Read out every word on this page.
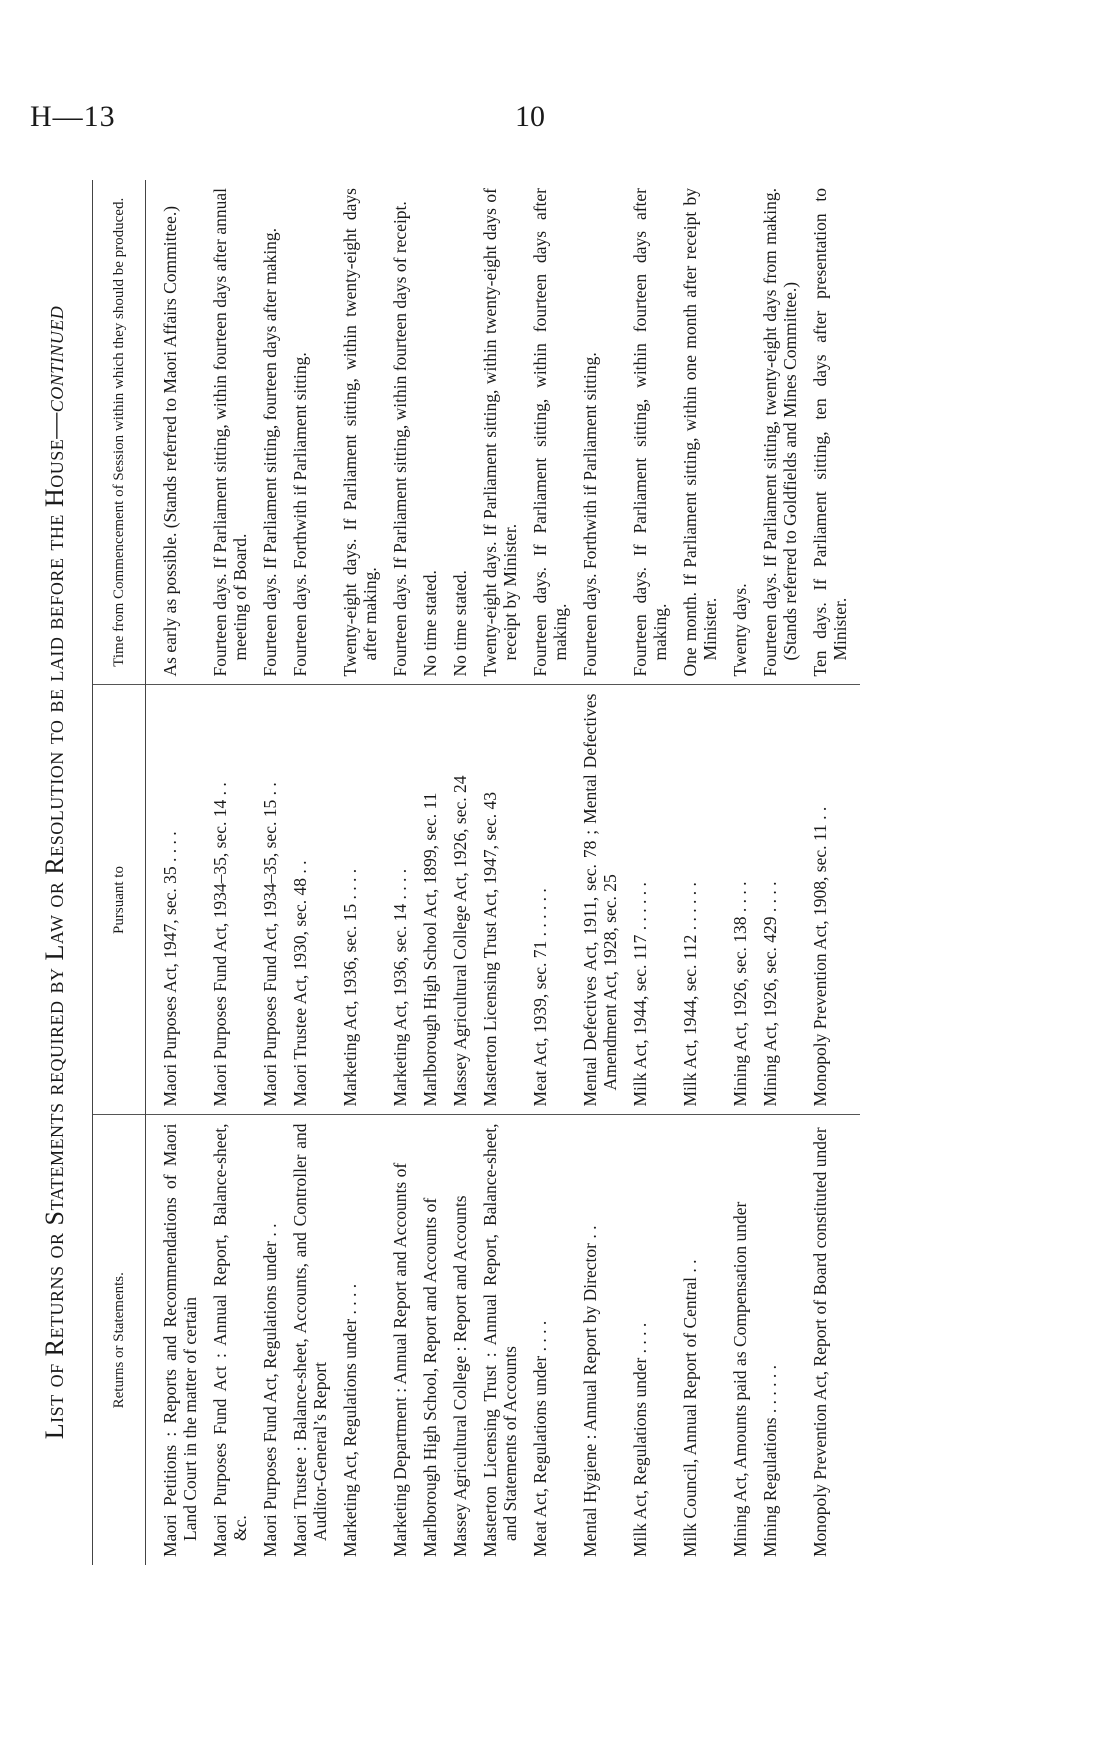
H—13	10
List of Returns or Statements required by Law or Resolution to be laid before the House—continued
Returns or Statements.	Pursuant to	Time from Commencement of Session within which they should be produced.

Maori Petitions : Reports and Recommendations of Maori Land Court in the matter of certain	Maori Purposes Act, 1947, sec. 35 . . . .	As early as possible. (Stands referred to Maori Affairs Committee.)

Maori Purposes Fund Act : Annual Report, Balance-sheet, &c.	Maori Purposes Fund Act, 1934–35, sec. 14 . .	Fourteen days. If Parliament sitting, within fourteen days after annual meeting of Board.

Maori Purposes Fund Act, Regulations under . .	Maori Purposes Fund Act, 1934–35, sec. 15 . .	Fourteen days. If Parliament sitting, fourteen days after making.

Maori Trustee : Balance-sheet, Accounts, and Controller and Auditor-General’s Report	Maori Trustee Act, 1930, sec. 48 . .	Fourteen days. Forthwith if Parliament sitting.

Marketing Act, Regulations under . . . .	Marketing Act, 1936, sec. 15 . . . .	Twenty-eight days. If Parliament sitting, within twenty-eight days after making.

Marketing Department : Annual Report and Accounts of	Marketing Act, 1936, sec. 14 . . . .	Fourteen days. If Parliament sitting, within fourteen days of receipt.

Marlborough High School, Report and Accounts of	Marlborough High School Act, 1899, sec. 11	No time stated.

Massey Agricultural College : Report and Accounts	Massey Agricultural College Act, 1926, sec. 24	No time stated.

Masterton Licensing Trust : Annual Report, Balance-sheet, and Statements of Accounts	Masterton Licensing Trust Act, 1947, sec. 43	Twenty-eight days. If Parliament sitting, within twenty-eight days of receipt by Minister.

Meat Act, Regulations under . . . .	Meat Act, 1939, sec. 71 . . . . . .	Fourteen days. If Parliament sitting, within fourteen days after making.

Mental Hygiene : Annual Report by Director . .	Mental Defectives Act, 1911, sec. 78 ; Mental Defectives Amendment Act, 1928, sec. 25	Fourteen days. Forthwith if Parliament sitting.

Milk Act, Regulations under . . . .	Milk Act, 1944, sec. 117 . . . . . .	Fourteen days. If Parliament sitting, within fourteen days after making.

Milk Council, Annual Report of Central . .	Milk Act, 1944, sec. 112 . . . . . .	One month. If Parliament sitting, within one month after receipt by Minister.

Mining Act, Amounts paid as Compensation under	Mining Act, 1926, sec. 138 . . . .	Twenty days.

Mining Regulations . . . . . .	Mining Act, 1926, sec. 429 . . . .	Fourteen days. If Parliament sitting, twenty-eight days from making. (Stands referred to Goldfields and Mines Committee.)

Monopoly Prevention Act, Report of Board constituted under	Monopoly Prevention Act, 1908, sec. 11 . .	Ten days. If Parliament sitting, ten days after presentation to Minister.
